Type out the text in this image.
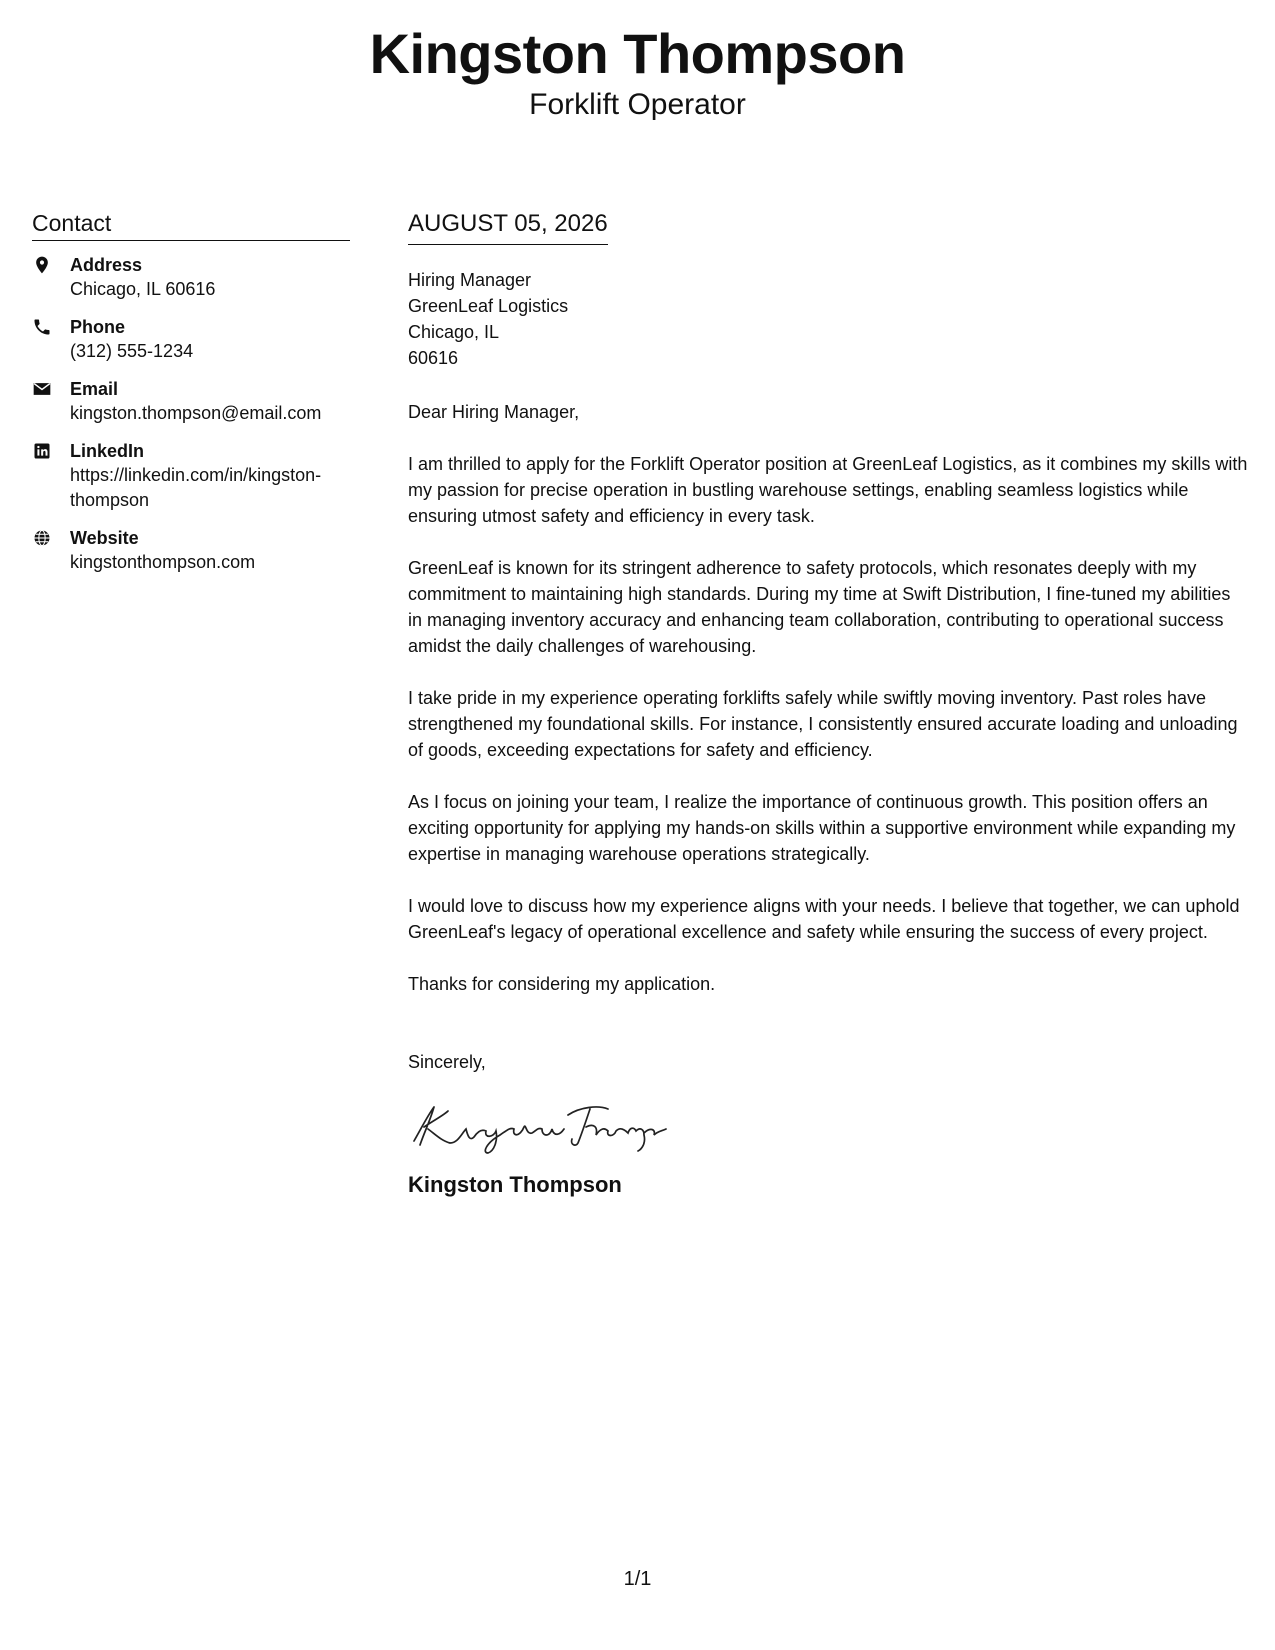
Kingston Thompson
Forklift Operator
Contact
Address
Chicago, IL 60616
Phone
(312) 555-1234
Email
kingston.thompson@email.com
LinkedIn
https://linkedin.com/in/kingston-thompson
Website
kingstonthompson.com
AUGUST 05, 2026
Hiring Manager
GreenLeaf Logistics
Chicago, IL
60616
Dear Hiring Manager,
I am thrilled to apply for the Forklift Operator position at GreenLeaf Logistics, as it combines my skills with my passion for precise operation in bustling warehouse settings, enabling seamless logistics while ensuring utmost safety and efficiency in every task.
GreenLeaf is known for its stringent adherence to safety protocols, which resonates deeply with my commitment to maintaining high standards. During my time at Swift Distribution, I fine-tuned my abilities in managing inventory accuracy and enhancing team collaboration, contributing to operational success amidst the daily challenges of warehousing.
I take pride in my experience operating forklifts safely while swiftly moving inventory. Past roles have strengthened my foundational skills. For instance, I consistently ensured accurate loading and unloading of goods, exceeding expectations for safety and efficiency.
As I focus on joining your team, I realize the importance of continuous growth. This position offers an exciting opportunity for applying my hands-on skills within a supportive environment while expanding my expertise in managing warehouse operations strategically.
I would love to discuss how my experience aligns with your needs. I believe that together, we can uphold GreenLeaf's legacy of operational excellence and safety while ensuring the success of every project.
Thanks for considering my application.
Sincerely,
Kingston Thompson
1/1
